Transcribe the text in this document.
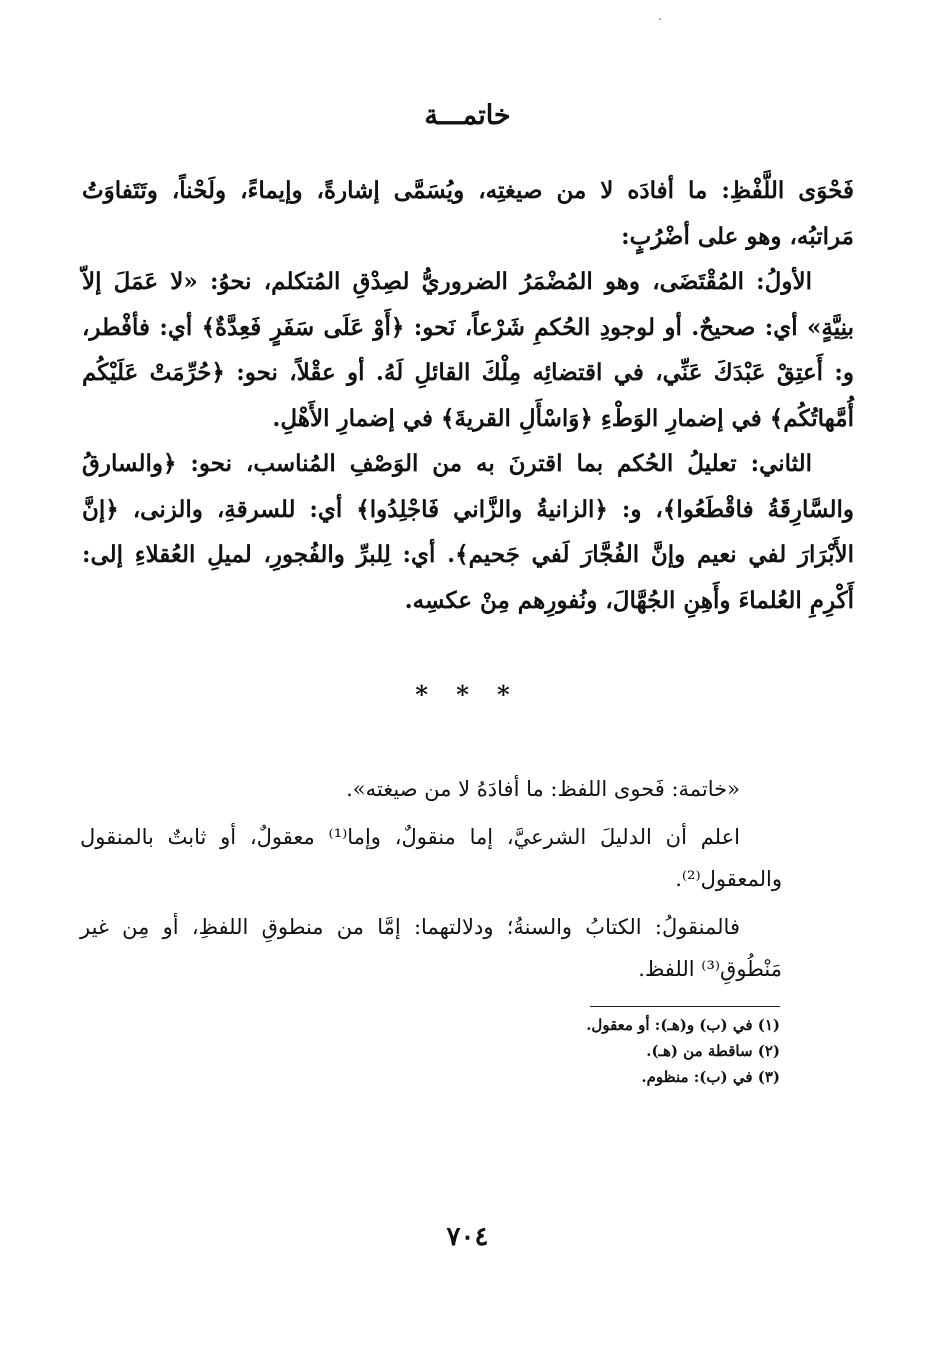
خاتمـــة

فَحْوَى اللَّفْظِ: ما أفادَه لا من صيغتِه، ويُسَمَّى إشارةً، وإيماءً، ولَحْناً، وتَتَفاوَتُ مَراتبُه، وهو على أضْرُبٍ:

الأولُ: المُقْتَضَى، وهو المُضْمَرُ الضروريُّ لصِدْقِ المُتكلم، نحوُ: «لا عَمَلَ إلاّ بنِيَّةٍ» أي: صحيحٌ. أو لوجودِ الحُكمِ شَرْعاً، نَحو: ﴿أَوْ عَلَى سَفَرٍ فَعِدَّةٌ﴾ أي: فأفْطر، و: أَعتِقْ عَبْدَكَ عَنِّي، في اقتضائِه مِلْكَ القائلِ لَهُ. أو عقْلاً، نحو: ﴿حُرِّمَتْ عَلَيْكُم أُمَّهاتُكُم﴾ في إضمارِ الوَطْءِ ﴿وَاسْأَلِ القريةَ﴾ في إضمارِ الأَهْلِ.

الثاني: تعليلُ الحُكم بما اقترنَ به من الوَصْفِ المُناسب، نحو: ﴿والسارقُ والسَّارِقَةُ فاقْطَعُوا﴾، و: ﴿الزانيةُ والزَّاني فَاجْلِدُوا﴾ أي: للسرقةِ، والزنى، ﴿إنَّ الأَبْرَارَ لفي نعيم وإنَّ الفُجَّارَ لَفي جَحيم﴾. أي: لِلبرِّ والفُجورِ، لميلِ العُقلاءِ إلى: أَكْرِمِ العُلماءَ وأَهِنِ الجُهَّالَ، ونُفورِهم مِنْ عكسِه.

* * *

«خاتمة: فَحوى اللفظ: ما أفادَهُ لا من صيغته».

اعلم أن الدليلَ الشرعيَّ، إما منقولٌ، وإما⁽¹⁾ معقولٌ، أو ثابتٌ بالمنقول والمعقول⁽²⁾.

فالمنقولُ: الكتابُ والسنةُ؛ ودلالتهما: إمَّا من منطوقِ اللفظِ، أو مِن غير مَنْطُوقِ⁽³⁾ اللفظ.

(١) في (ب) و(هـ): أو معقول.
(٢) ساقطة من (هـ).
(٣) في (ب): منظوم.
٧٠٤
